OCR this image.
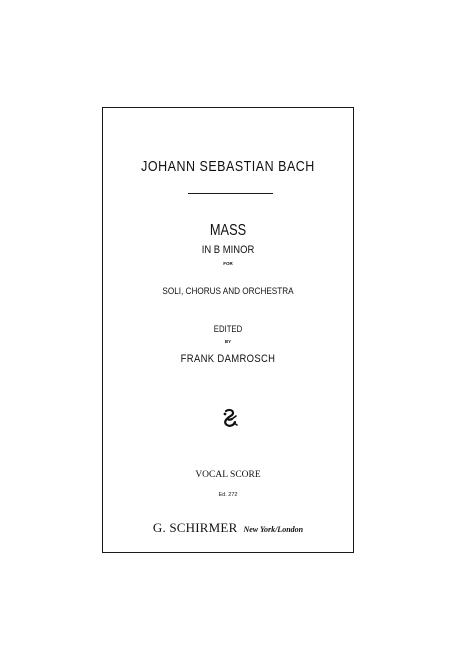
JOHANN SEBASTIAN BACH
MASS
IN B MINOR
FOR
SOLI, CHORUS AND ORCHESTRA
EDITED
BY
FRANK DAMROSCH
VOCAL SCORE
Ed. 272
G. SCHIRMER New York/London
